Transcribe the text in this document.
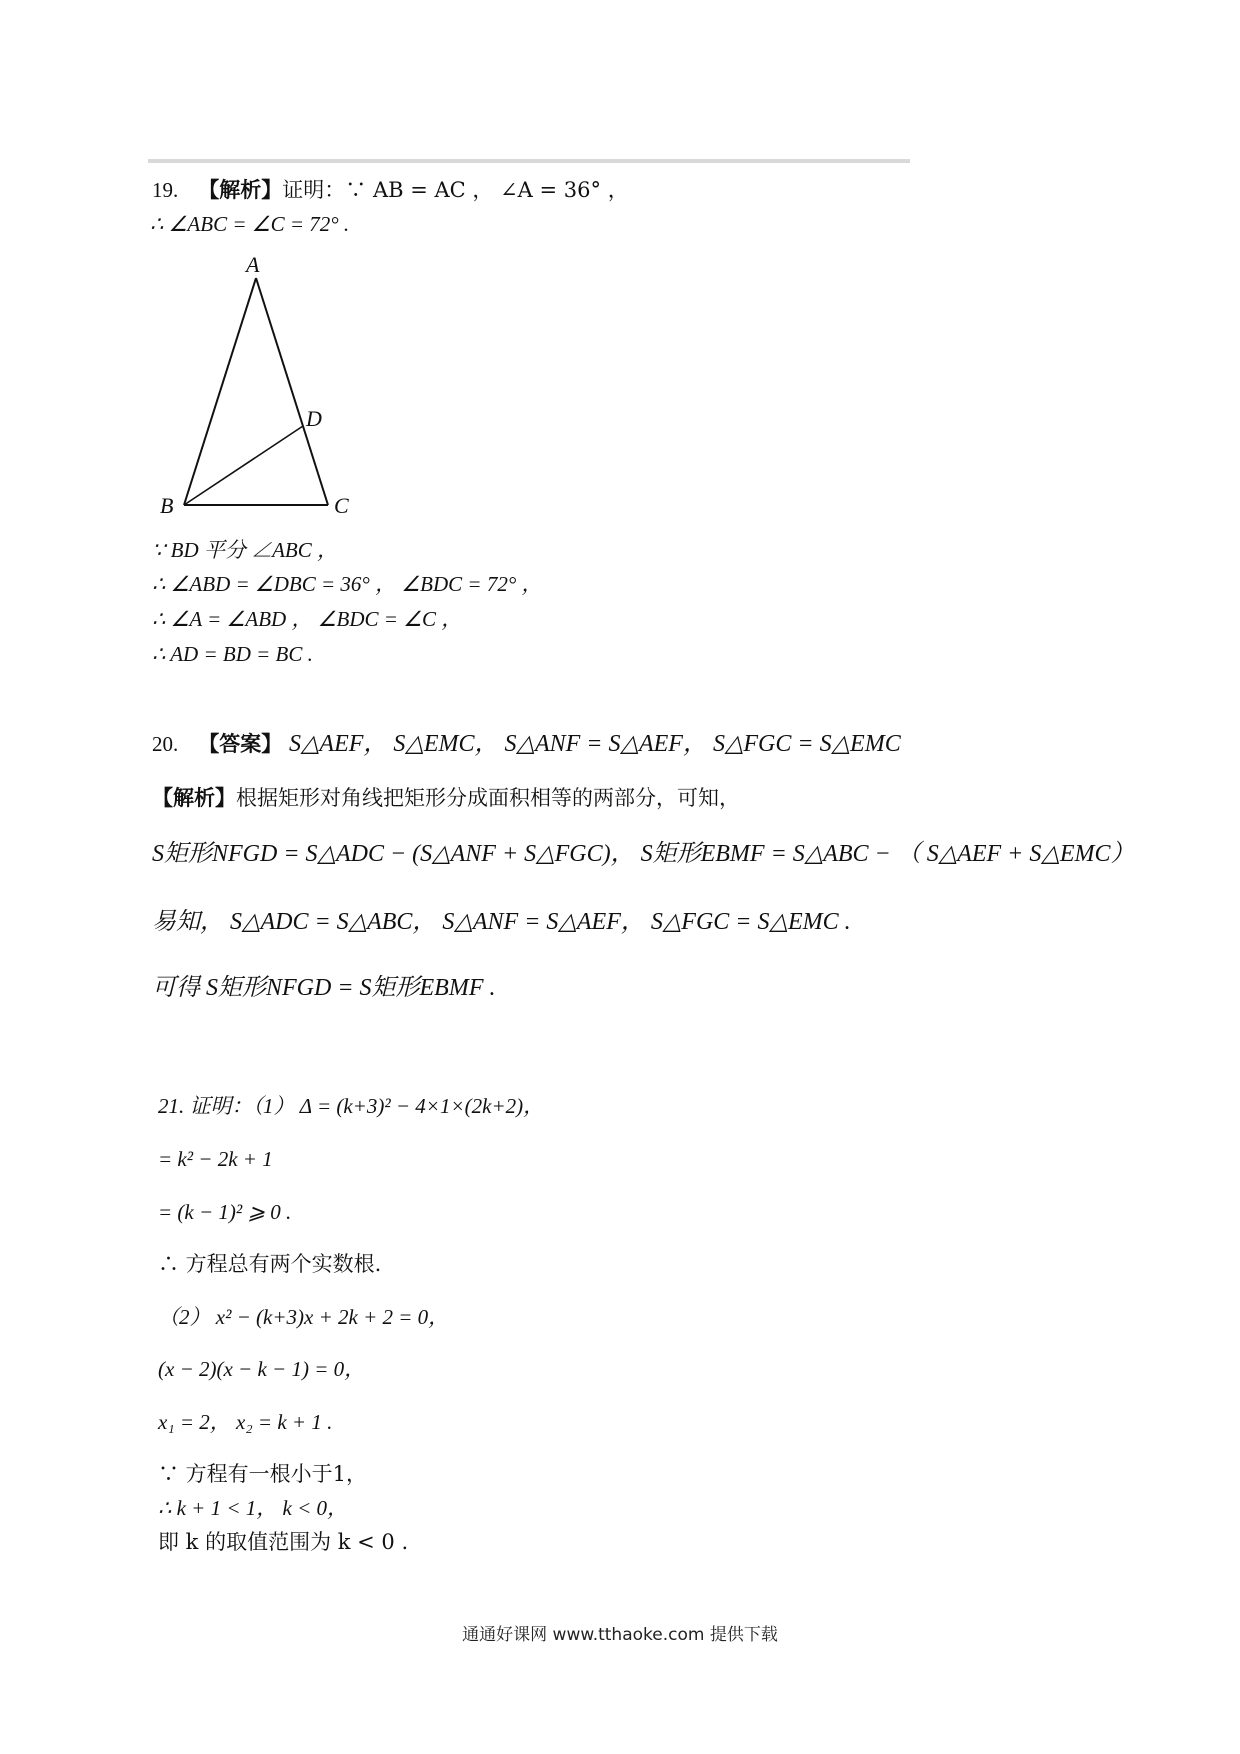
19. 【解析】证明：∵ AB = AC ， ∠A = 36° ，
∴ ∠ABC = ∠C = 72° .
A
B	C
D
∵ BD 平分 ∠ABC ，
∴ ∠ABD = ∠DBC = 36° ， ∠BDC = 72° ，
∴ ∠A = ∠ABD ， ∠BDC = ∠C ，
∴ AD = BD = BC .
20. 【答案】 S△AEF， S△EMC， S△ANF = S△AEF， S△FGC = S△EMC
【解析】根据矩形对角线把矩形分成面积相等的两部分，可知，
S矩形NFGD = S△ADC − (S△ANF + S△FGC)， S矩形EBMF = S△ABC − （ S△AEF + S△EMC）
易知， S△ADC = S△ABC， S△ANF = S△AEF， S△FGC = S△EMC .
可得 S矩形NFGD = S矩形EBMF .
21. 证明：（1） Δ = (k+3)² − 4×1×(2k+2)，
= k² − 2k + 1
= (k − 1)² ⩾ 0 .
∴ 方程总有两个实数根.
（2） x² − (k+3)x + 2k + 2 = 0，
(x − 2)(x − k − 1) = 0，
x₁ = 2， x₂ = k + 1 .
∵ 方程有一根小于1，
∴ k + 1 < 1， k < 0，
即 k 的取值范围为 k < 0 .
通通好课网 www.tthaoke.com 提供下载
